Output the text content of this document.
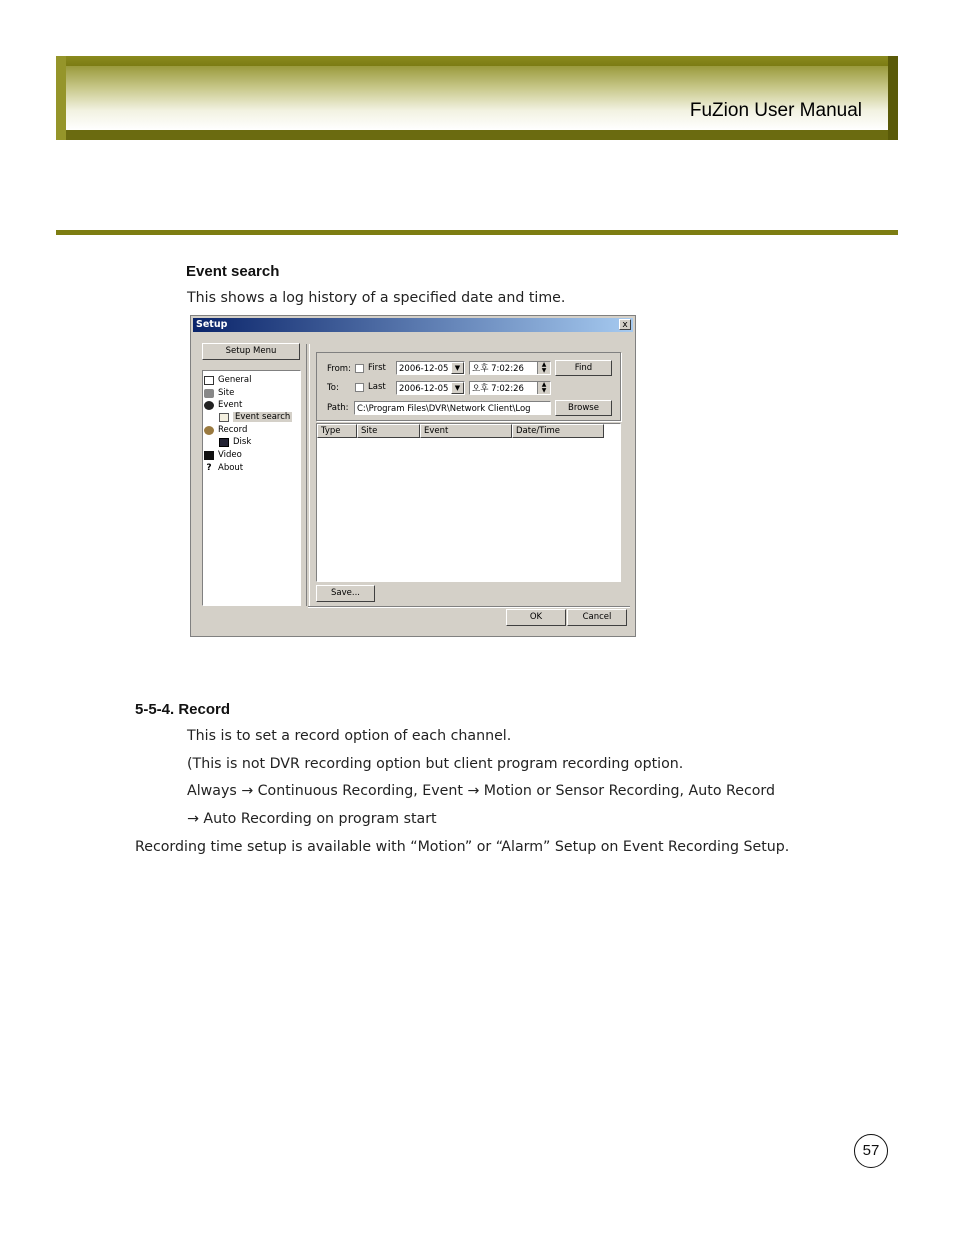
FuZion User Manual
Event search
This shows a log history of a specified date and time.
Setup	x
Setup Menu
General
Site
Event
Event search
Record
Disk
Video
? About
From: First	2006-12-05 ▼	오후 7:02:26	▲
▼	Find
To:	Last	2006-12-05 ▼	오후 7:02:26	▲
▼
Path: C:\Program Files\DVR\Network Client\Log	Browse
Type	Site	Event	Date/Time
Save...
OK	Cancel
5-5-4. Record
This is to set a record option of each channel.
(This is not DVR recording option but client program recording option.
Always → Continuous Recording, Event → Motion or Sensor Recording, Auto Record
→ Auto Recording on program start
Recording time setup is available with “Motion” or “Alarm” Setup on Event Recording Setup.
57
